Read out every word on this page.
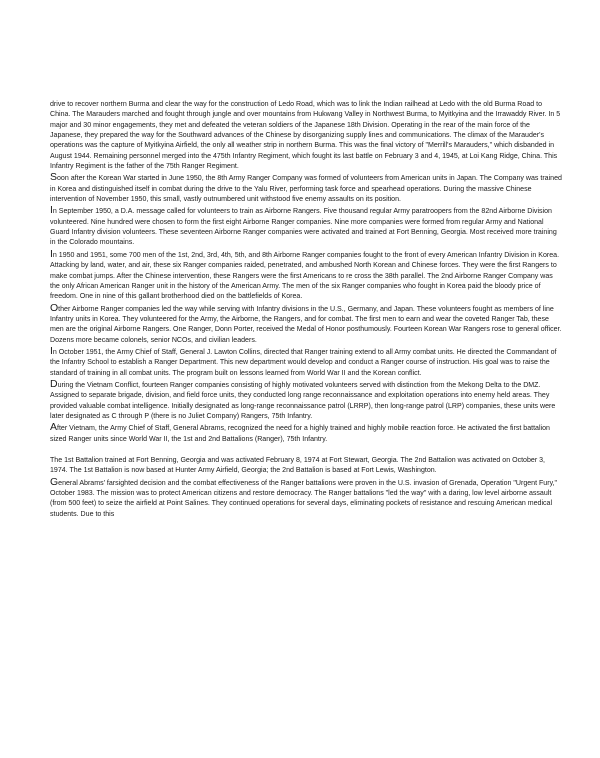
drive to recover northern Burma and clear the way for the construction of Ledo Road, which was to link the Indian railhead at Ledo with the old Burma Road to China. The Marauders marched and fought through jungle and over mountains from Hukwang Valley in Northwest Burma, to Myitkyina and the Irrawaddy River. In 5 major and 30 minor engagements, they met and defeated the veteran soldiers of the Japanese 18th Division. Operating in the rear of the main force of the Japanese, they prepared the way for the Southward advances of the Chinese by disorganizing supply lines and communications. The climax of the Marauder's operations was the capture of Myitkyina Airfield, the only all weather strip in northern Burma. This was the final victory of "Merrill's Marauders," which disbanded in August 1944. Remaining personnel merged into the 475th Infantry Regiment, which fought its last battle on February 3 and 4, 1945, at Loi Kang Ridge, China. This Infantry Regiment is the father of the 75th Ranger Regiment.

Soon after the Korean War started in June 1950, the 8th Army Ranger Company was formed of volunteers from American units in Japan. The Company was trained in Korea and distinguished itself in combat during the drive to the Yalu River, performing task force and spearhead operations. During the massive Chinese intervention of November 1950, this small, vastly outnumbered unit withstood five enemy assaults on its position.

In September 1950, a D.A. message called for volunteers to train as Airborne Rangers. Five thousand regular Army paratroopers from the 82nd Airborne Division volunteered. Nine hundred were chosen to form the first eight Airborne Ranger companies. Nine more companies were formed from regular Army and National Guard Infantry division volunteers. These seventeen Airborne Ranger companies were activated and trained at Fort Benning, Georgia. Most received more training in the Colorado mountains.

In 1950 and 1951, some 700 men of the 1st, 2nd, 3rd, 4th, 5th, and 8th Airborne Ranger companies fought to the front of every American Infantry Division in Korea. Attacking by land, water, and air, these six Ranger companies raided, penetrated, and ambushed North Korean and Chinese forces. They were the first Rangers to make combat jumps. After the Chinese intervention, these Rangers were the first Americans to re cross the 38th parallel. The 2nd Airborne Ranger Company was the only African American Ranger unit in the history of the American Army. The men of the six Ranger companies who fought in Korea paid the bloody price of freedom. One in nine of this gallant brotherhood died on the battlefields of Korea.

Other Airborne Ranger companies led the way while serving with Infantry divisions in the U.S., Germany, and Japan. These volunteers fought as members of line Infantry units in Korea. They volunteered for the Army, the Airborne, the Rangers, and for combat. The first men to earn and wear the coveted Ranger Tab, these men are the original Airborne Rangers. One Ranger, Donn Porter, received the Medal of Honor posthumously. Fourteen Korean War Rangers rose to general officer. Dozens more became colonels, senior NCOs, and civilian leaders.

In October 1951, the Army Chief of Staff, General J. Lawton Collins, directed that Ranger training extend to all Army combat units. He directed the Commandant of the Infantry School to establish a Ranger Department. This new department would develop and conduct a Ranger course of instruction. His goal was to raise the standard of training in all combat units. The program built on lessons learned from World War II and the Korean conflict.

During the Vietnam Conflict, fourteen Ranger companies consisting of highly motivated volunteers served with distinction from the Mekong Delta to the DMZ. Assigned to separate brigade, division, and field force units, they conducted long range reconnaissance and exploitation operations into enemy held areas. They provided valuable combat intelligence. Initially designated as long-range reconnaissance patrol (LRRP), then long-range patrol (LRP) companies, these units were later designated as C through P (there is no Juliet Company) Rangers, 75th Infantry.

After Vietnam, the Army Chief of Staff, General Abrams, recognized the need for a highly trained and highly mobile reaction force. He activated the first battalion sized Ranger units since World War II, the 1st and 2nd Battalions (Ranger), 75th Infantry.

The 1st Battalion trained at Fort Benning, Georgia and was activated February 8, 1974 at Fort Stewart, Georgia. The 2nd Battalion was activated on October 3, 1974. The 1st Battalion is now based at Hunter Army Airfield, Georgia; the 2nd Battalion is based at Fort Lewis, Washington.

General Abrams' farsighted decision and the combat effectiveness of the Ranger battalions were proven in the U.S. invasion of Grenada, Operation "Urgent Fury," October 1983. The mission was to protect American citizens and restore democracy. The Ranger battalions "led the way" with a daring, low level airborne assault (from 500 feet) to seize the airfield at Point Salines. They continued operations for several days, eliminating pockets of resistance and rescuing American medical students. Due to this
